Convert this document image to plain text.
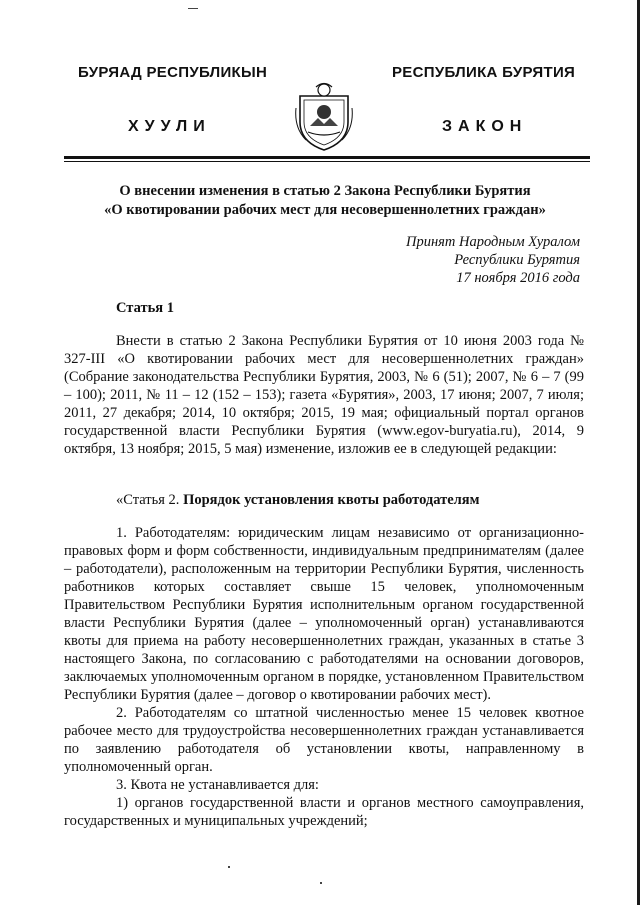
БУРЯАД РЕСПУБЛИКЫН	РЕСПУБЛИКА БУРЯТИЯ
ХУУЛИ	ЗАКОН
О внесении изменения в статью 2 Закона Республики Бурятия
«О квотировании рабочих мест для несовершеннолетних граждан»
Принят Народным Хуралом
Республики Бурятия
17 ноября 2016 года
Статья 1

Внести в статью 2 Закона Республики Бурятия от 10 июня 2003 года № 327-III «О квотировании рабочих мест для несовершеннолетних граждан» (Собрание законодательства Республики Бурятия, 2003, № 6 (51); 2007, № 6 – 7 (99 – 100); 2011, № 11 – 12 (152 – 153); газета «Бурятия», 2003, 17 июня; 2007, 7 июля; 2011, 27 декабря; 2014, 10 октября; 2015, 19 мая; официальный портал органов государственной власти Республики Бурятия (www.egov-buryatia.ru), 2014, 9 октября, 13 ноября; 2015, 5 мая) изменение, изложив ее в следующей редакции:

«Статья 2. Порядок установления квоты работодателям

1. Работодателям: юридическим лицам независимо от организационно-правовых форм и форм собственности, индивидуальным предпринимателям (далее – работодатели), расположенным на территории Республики Бурятия, численность работников которых составляет свыше 15 человек, уполномоченным Правительством Республики Бурятия исполнительным органом государственной власти Республики Бурятия (далее – уполномоченный орган) устанавливаются квоты для приема на работу несовершеннолетних граждан, указанных в статье 3 настоящего Закона, по согласованию с работодателями на основании договоров, заключаемых уполномоченным органом в порядке, установленном Правительством Республики Бурятия (далее – договор о квотировании рабочих мест).

2. Работодателям со штатной численностью менее 15 человек квотное рабочее место для трудоустройства несовершеннолетних граждан устанавливается по заявлению работодателя об установлении квоты, направленному в уполномоченный орган.

3. Квота не устанавливается для:

1) органов государственной власти и органов местного самоуправления, государственных и муниципальных учреждений;
